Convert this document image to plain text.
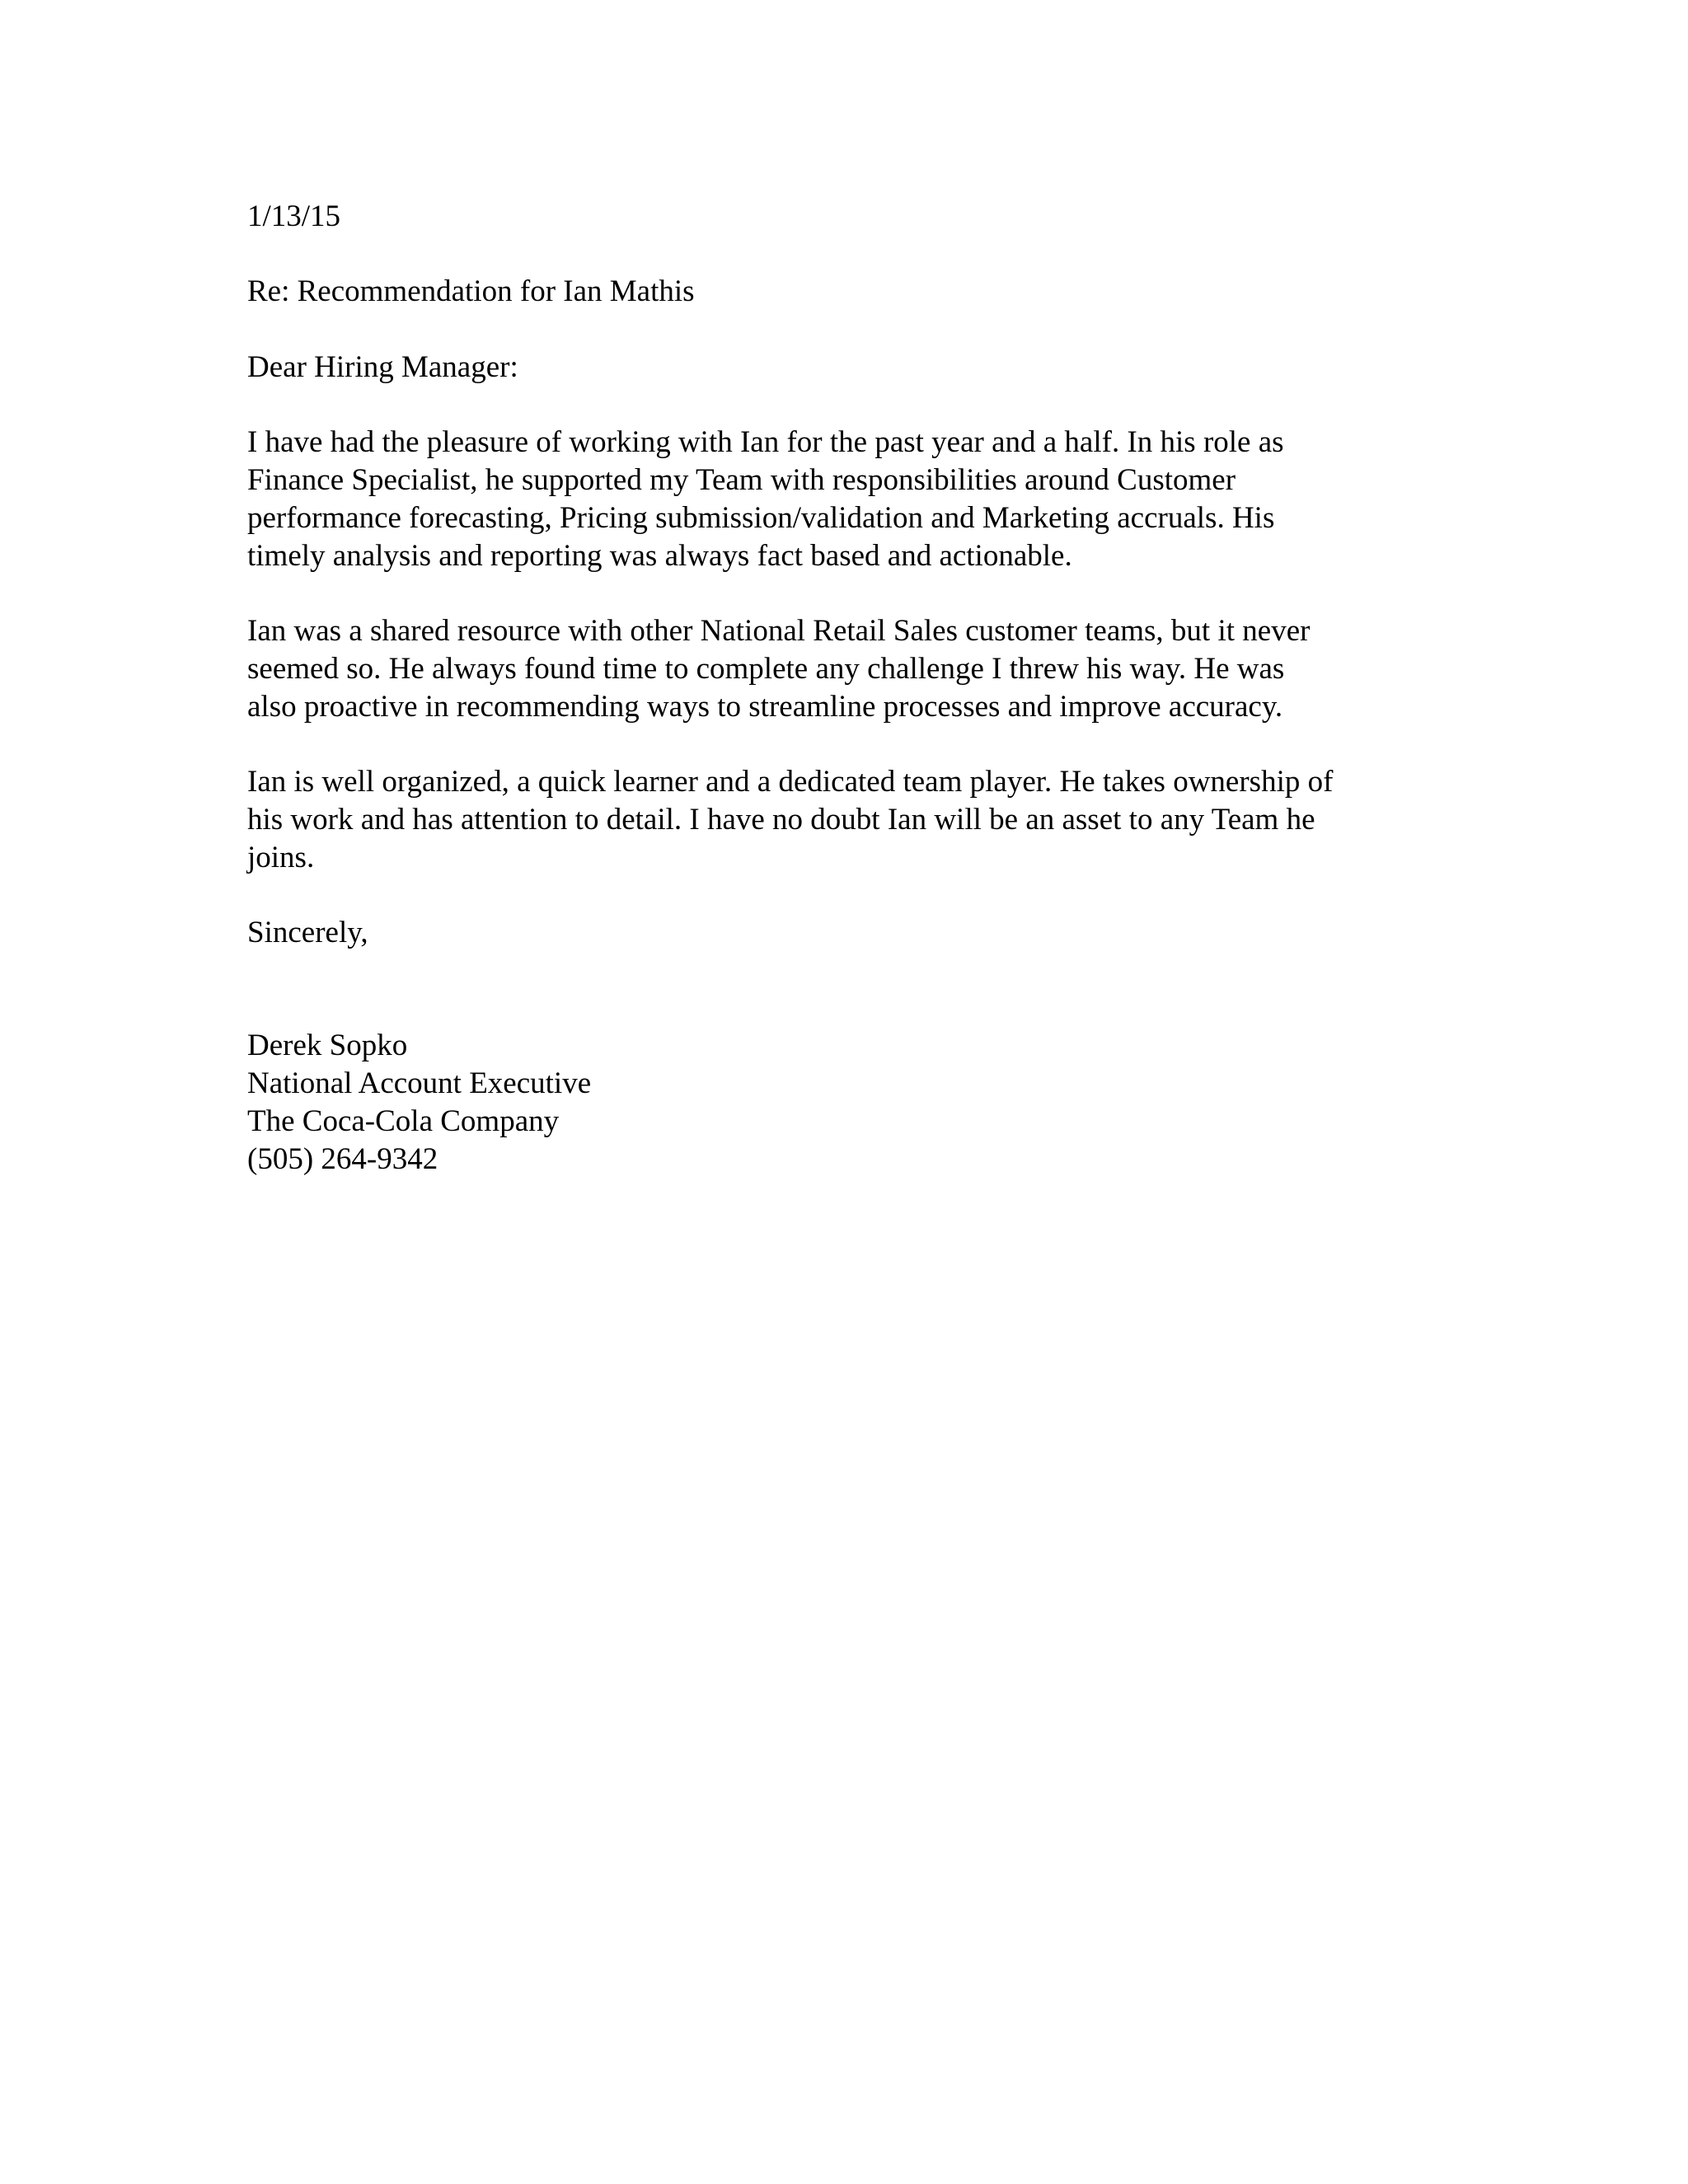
1/13/15
Re: Recommendation for Ian Mathis
Dear Hiring Manager:
I have had the pleasure of working with Ian for the past year and a half. In his role as
Finance Specialist, he supported my Team with responsibilities around Customer
performance forecasting, Pricing submission/validation and Marketing accruals. His
timely analysis and reporting was always fact based and actionable.
Ian was a shared resource with other National Retail Sales customer teams, but it never
seemed so. He always found time to complete any challenge I threw his way. He was
also proactive in recommending ways to streamline processes and improve accuracy.
Ian is well organized, a quick learner and a dedicated team player. He takes ownership of
his work and has attention to detail. I have no doubt Ian will be an asset to any Team he
joins.
Sincerely,
Derek Sopko
National Account Executive
The Coca-Cola Company
(505) 264-9342
